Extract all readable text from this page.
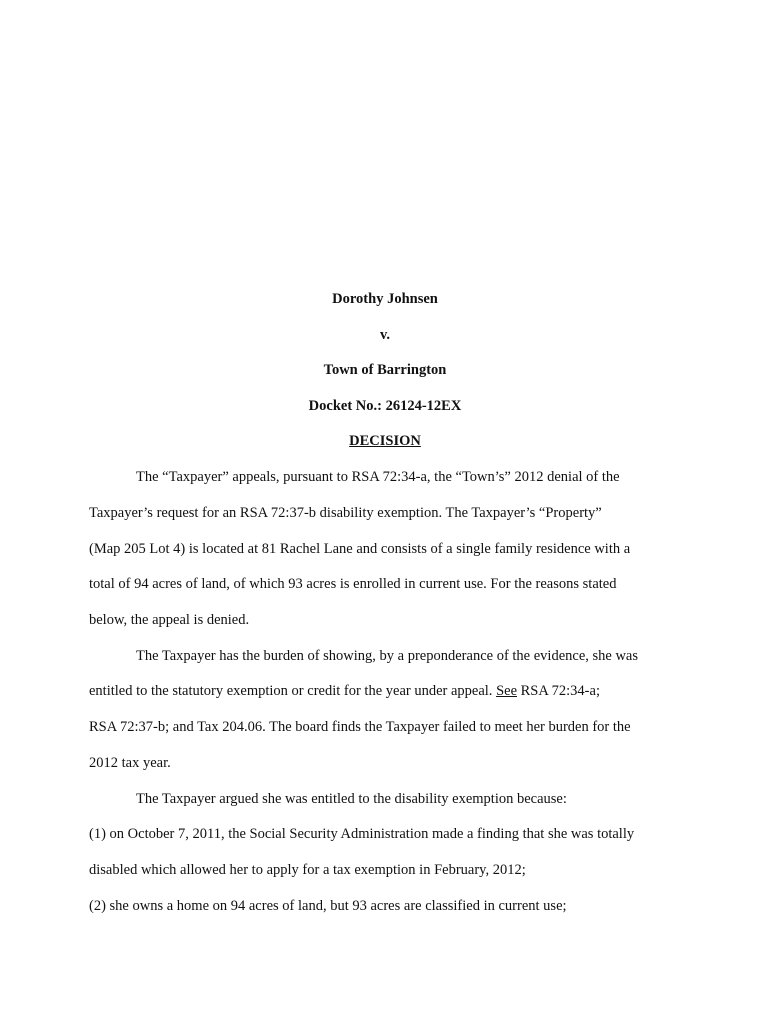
Dorothy Johnsen
v.
Town of Barrington
Docket No.: 26124-12EX
DECISION
The “Taxpayer” appeals, pursuant to RSA 72:34-a, the “Town’s” 2012 denial of the
Taxpayer’s request for an RSA 72:37-b disability exemption. The Taxpayer’s “Property”
(Map 205 Lot 4) is located at 81 Rachel Lane and consists of a single family residence with a
total of 94 acres of land, of which 93 acres is enrolled in current use. For the reasons stated
below, the appeal is denied.
The Taxpayer has the burden of showing, by a preponderance of the evidence, she was
entitled to the statutory exemption or credit for the year under appeal. See RSA 72:34-a;
RSA 72:37-b; and Tax 204.06. The board finds the Taxpayer failed to meet her burden for the
2012 tax year.
The Taxpayer argued she was entitled to the disability exemption because:
(1) on October 7, 2011, the Social Security Administration made a finding that she was totally
disabled which allowed her to apply for a tax exemption in February, 2012;
(2) she owns a home on 94 acres of land, but 93 acres are classified in current use;
